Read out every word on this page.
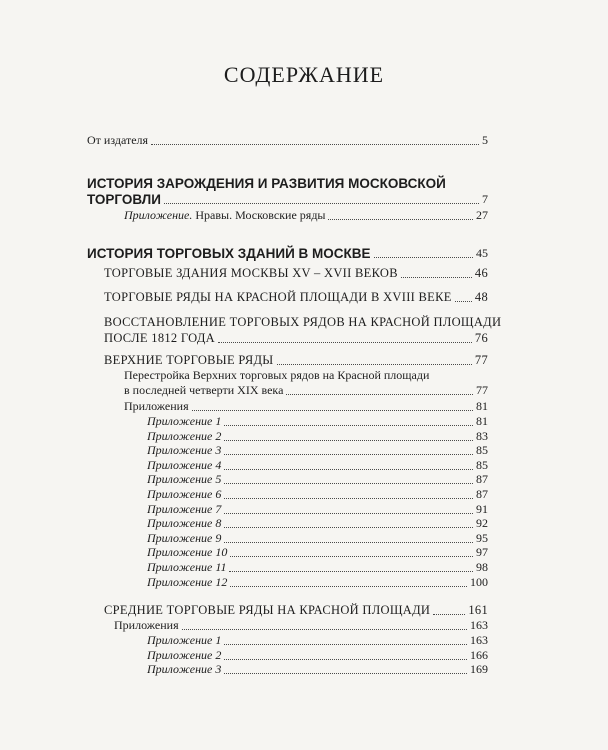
СОДЕРЖАНИЕ
От издателя	5
ИСТОРИЯ ЗАРОЖДЕНИЯ И РАЗВИТИЯ МОСКОВСКОЙ
ТОРГОВЛИ	7
Приложение. Нравы. Московские ряды	27
ИСТОРИЯ ТОРГОВЫХ ЗДАНИЙ В МОСКВЕ	45
ТОРГОВЫЕ ЗДАНИЯ МОСКВЫ XV – XVII ВЕКОВ	46
ТОРГОВЫЕ РЯДЫ НА КРАСНОЙ ПЛОЩАДИ В XVIII ВЕКЕ 48
ВОССТАНОВЛЕНИЕ ТОРГОВЫХ РЯДОВ НА КРАСНОЙ ПЛОЩАДИ
ПОСЛЕ 1812 ГОДА	76
ВЕРХНИЕ ТОРГОВЫЕ РЯДЫ	77
Перестройка Верхних торговых рядов на Красной площади
в последней четверти XIX века	77
Приложения	81
Приложение 1	81
Приложение 2	83
Приложение 3	85
Приложение 4	85
Приложение 5	87
Приложение 6	87
Приложение 7	91
Приложение 8	92
Приложение 9	95
Приложение 10	97
Приложение 11	98
Приложение 12	100
СРЕДНИЕ ТОРГОВЫЕ РЯДЫ НА КРАСНОЙ ПЛОЩАДИ	161
Приложения	163
Приложение 1	163
Приложение 2	166
Приложение 3	169
